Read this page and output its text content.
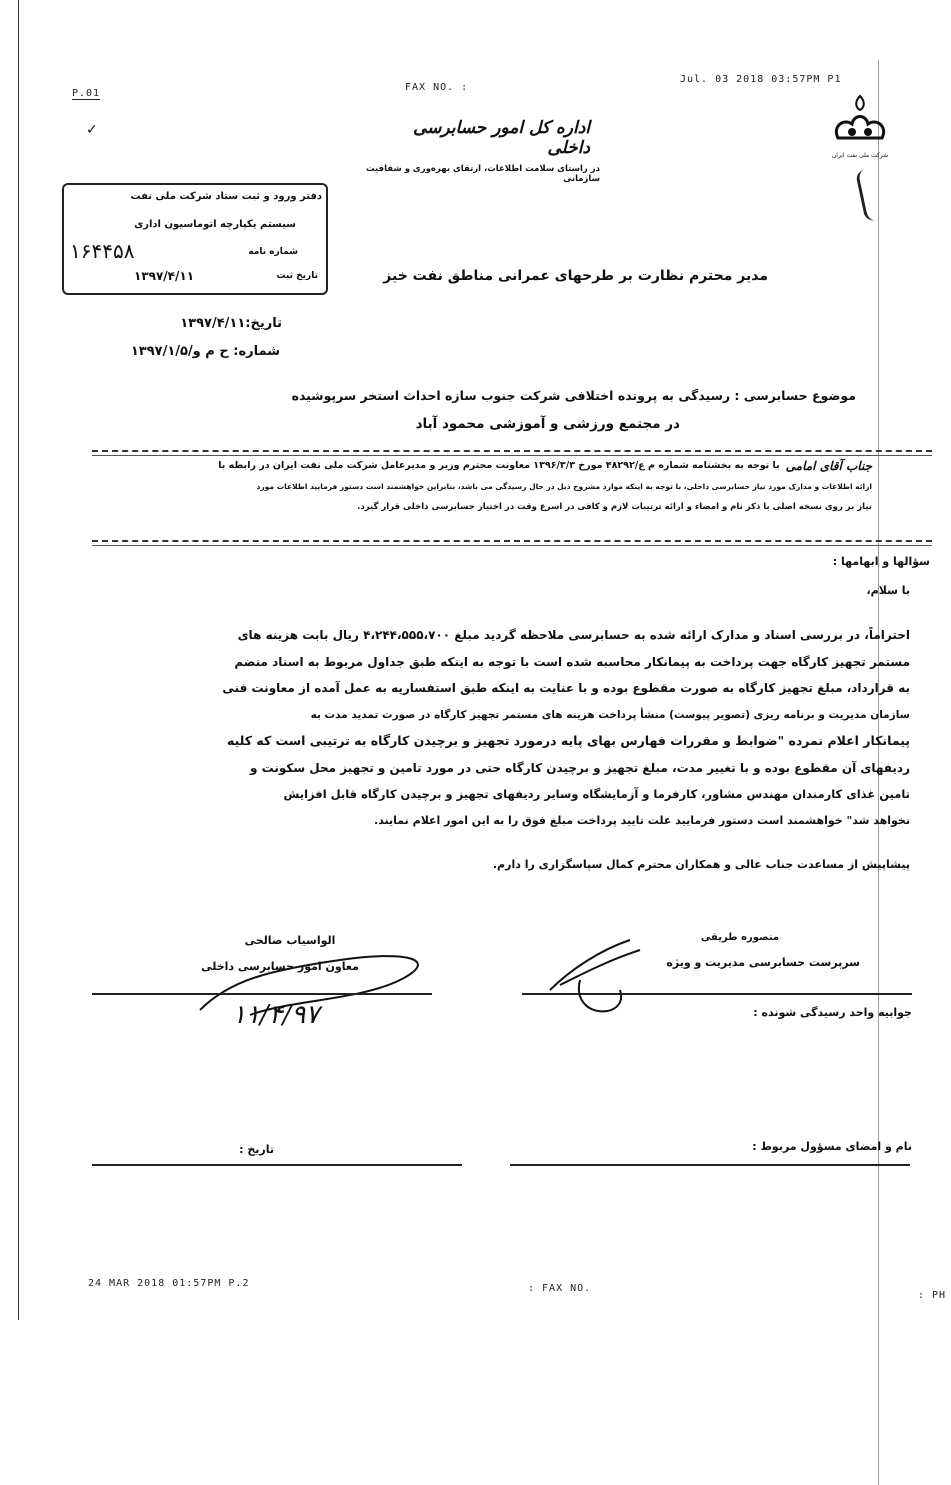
P.01
FAX NO. :
Jul. 03 2018 03:57PM P1
24 MAR 2018 01:57PM P.2	: FAX NO.
: PH
✓
شرکت ملی نفت ایران
اداره کل امور حسابرسی داخلی
در راستای سلامت اطلاعات، ارتقای بهره‌وری و شفافیت سازمانی
دفتر ورود و ثبت ستاد شرکت ملی نفت
سیستم یکپارچه اتوماسیون اداری
شماره نامه
۱۶۴۴۵۸
تاریخ ثبت
۱۳۹۷/۴/۱۱	مدیر محترم نظارت بر طرحهای عمرانی مناطق نفت خیز
تاریخ:۱۳۹۷/۴/۱۱
شماره: ح م و/۱۳۹۷/۱/۵
موضوع حسابرسی : رسیدگی به پرونده اختلافی شرکت جنوب سازه احداث استخر سرپوشیده
در مجتمع ورزشی و آموزشی محمود آباد
جناب آقای امامی
با توجه به بخشنامه شماره م ع/۴۸۲۹۲ مورخ ۱۳۹۶/۳/۳ معاونت محترم وزیر و مدیرعامل شرکت ملی نفت ایران در رابطه با
ارائه اطلاعات و مدارک مورد نیاز حسابرسی داخلی، با توجه به اینکه موارد مشروح ذیل در حال رسیدگی می باشد، بنابراین خواهشمند است دستور فرمایید اطلاعات مورد
نیاز بر روی نسخه اصلی با ذکر نام و امضاء و ارائه ترتیبات لازم و کافی در اسرع وقت در اختیار حسابرسی داخلی قرار گیرد.
سؤالها و ابهامها :
با سلام،
احتراماً، در بررسی اسناد و مدارک ارائه شده به حسابرسی ملاحظه گردید مبلغ ۴،۲۴۴،۵۵۵،۷۰۰ ریال بابت هزینه های
مستمر تجهیز کارگاه جهت پرداخت به پیمانکار محاسبه شده است با توجه به اینکه طبق جداول مربوط به اسناد منضم
به قرارداد، مبلغ تجهیز کارگاه به صورت مقطوع بوده و با عنایت به اینکه طبق استفساریه به عمل آمده از معاونت فنی
سازمان مدیریت و برنامه ریزی (تصویر پیوست) منشأ پرداخت هزینه های مستمر تجهیز کارگاه در صورت تمدید مدت به
پیمانکار اعلام نمرده "ضوابط و مقررات فهارس بهای پایه درمورد تجهیز و برچیدن کارگاه به ترتیبی است که کلیه
ردیفهای آن مقطوع بوده و با تغییر مدت، مبلغ تجهیز و برچیدن کارگاه حتی در مورد تامین و تجهیز محل سکونت و
تامین غذای کارمندان مهندس مشاور، کارفرما و آزمایشگاه وسایر ردیفهای تجهیز و برچیدن کارگاه قابل افزایش
نخواهد شد" خواهشمند است دستور فرمایید علت تایید پرداخت مبلغ فوق را به این امور اعلام نمایند.
پیشاپیش از مساعدت جناب عالی و همکاران محترم کمال سپاسگزاری را دارم.
الواسیاب صالحی
معاون امور حسابرسی داخلی
۱۱/۴/۹۷
منصوره طریقی
سرپرست حسابرسی مدیریت و ویژه
جوابیه واحد رسیدگی شونده :
نام و امضای مسؤول مربوط :
تاریخ :
